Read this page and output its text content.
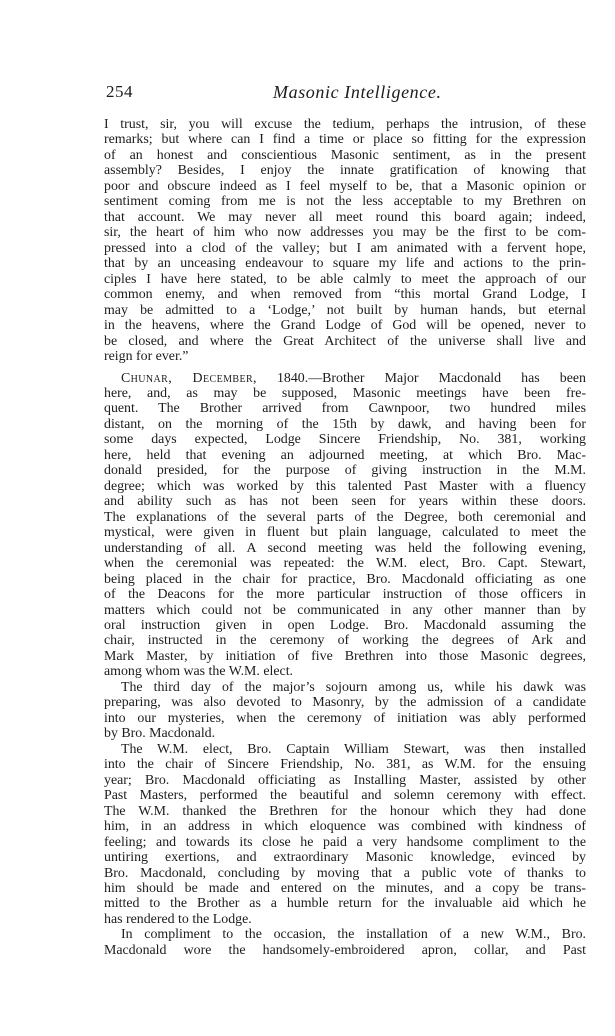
254	Masonic Intelligence.
I trust, sir, you will excuse the tedium, perhaps the intrusion, of these
remarks; but where can I find a time or place so fitting for the expression
of an honest and conscientious Masonic sentiment, as in the present
assembly? Besides, I enjoy the innate gratification of knowing that
poor and obscure indeed as I feel myself to be, that a Masonic opinion or
sentiment coming from me is not the less acceptable to my Brethren on
that account. We may never all meet round this board again; indeed,
sir, the heart of him who now addresses you may be the first to be com-
pressed into a clod of the valley; but I am animated with a fervent hope,
that by an unceasing endeavour to square my life and actions to the prin-
ciples I have here stated, to be able calmly to meet the approach of our
common enemy, and when removed from “this mortal Grand Lodge, I
may be admitted to a ‘Lodge,’ not built by human hands, but eternal
in the heavens, where the Grand Lodge of God will be opened, never to
be closed, and where the Great Architect of the universe shall live and
reign for ever.”
Chunar, December, 1840.—Brother Major Macdonald has been
here, and, as may be supposed, Masonic meetings have been fre-
quent. The Brother arrived from Cawnpoor, two hundred miles
distant, on the morning of the 15th by dawk, and having been for
some days expected, Lodge Sincere Friendship, No. 381, working
here, held that evening an adjourned meeting, at which Bro. Mac-
donald presided, for the purpose of giving instruction in the M.M.
degree; which was worked by this talented Past Master with a fluency
and ability such as has not been seen for years within these doors.
The explanations of the several parts of the Degree, both ceremonial and
mystical, were given in fluent but plain language, calculated to meet the
understanding of all. A second meeting was held the following evening,
when the ceremonial was repeated: the W.M. elect, Bro. Capt. Stewart,
being placed in the chair for practice, Bro. Macdonald officiating as one
of the Deacons for the more particular instruction of those officers in
matters which could not be communicated in any other manner than by
oral instruction given in open Lodge. Bro. Macdonald assuming the
chair, instructed in the ceremony of working the degrees of Ark and
Mark Master, by initiation of five Brethren into those Masonic degrees,
among whom was the W.M. elect.
The third day of the major’s sojourn among us, while his dawk was
preparing, was also devoted to Masonry, by the admission of a candidate
into our mysteries, when the ceremony of initiation was ably performed
by Bro. Macdonald.
The W.M. elect, Bro. Captain William Stewart, was then installed
into the chair of Sincere Friendship, No. 381, as W.M. for the ensuing
year; Bro. Macdonald officiating as Installing Master, assisted by other
Past Masters, performed the beautiful and solemn ceremony with effect.
The W.M. thanked the Brethren for the honour which they had done
him, in an address in which eloquence was combined with kindness of
feeling; and towards its close he paid a very handsome compliment to the
untiring exertions, and extraordinary Masonic knowledge, evinced by
Bro. Macdonald, concluding by moving that a public vote of thanks to
him should be made and entered on the minutes, and a copy be trans-
mitted to the Brother as a humble return for the invaluable aid which he
has rendered to the Lodge.
In compliment to the occasion, the installation of a new W.M., Bro.
Macdonald wore the handsomely-embroidered apron, collar, and Past
